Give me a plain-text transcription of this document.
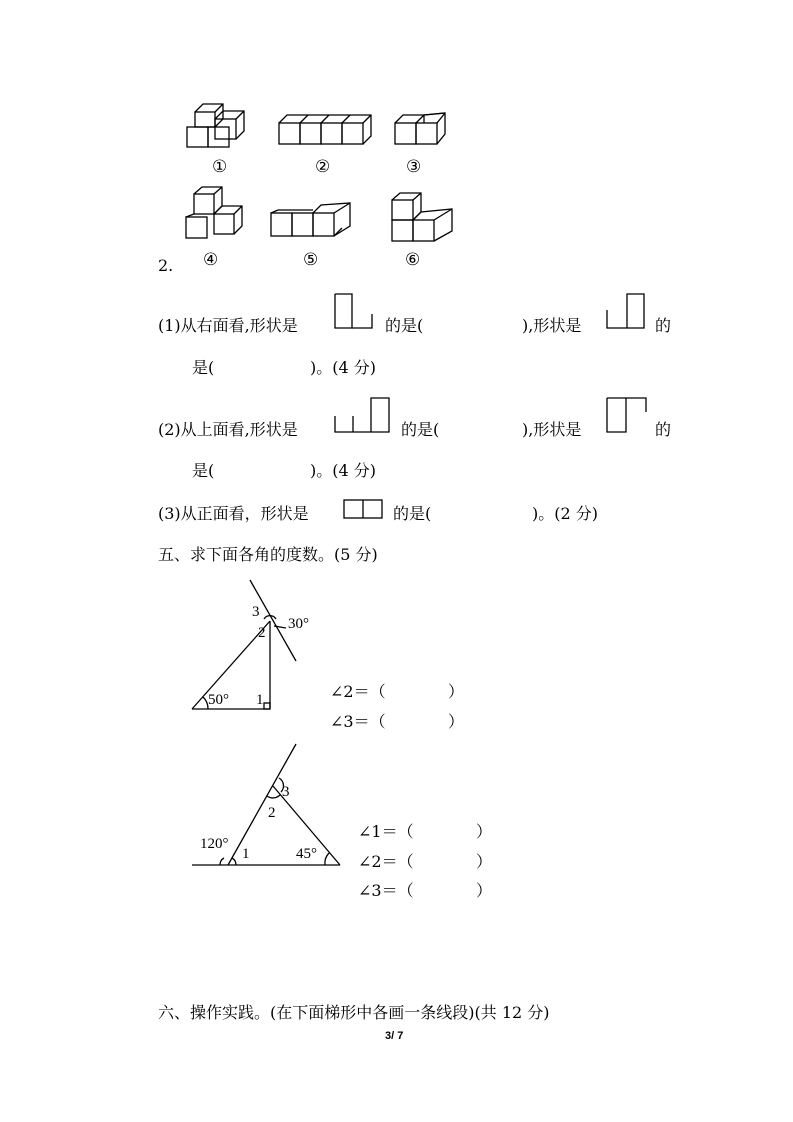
①	②	③
④	⑤	⑥
2.
(1)从右面看,形状是	的是(	),形状是	的
是(	)。(4 分)
(2)从上面看,形状是	的是(	),形状是	的
是(	)。(4 分)
(3)从正面看，形状是	的是(	)。(2 分)
五、求下面各角的度数。(5 分)
3
2
30°
50° 1	∠2＝（	）
∠3＝（	）
3
2
120°
1	45°
∠1＝（	）
∠2＝（	）
∠3＝（	）
六、操作实践。(在下面梯形中各画一条线段)(共 12 分)
3/ 7
